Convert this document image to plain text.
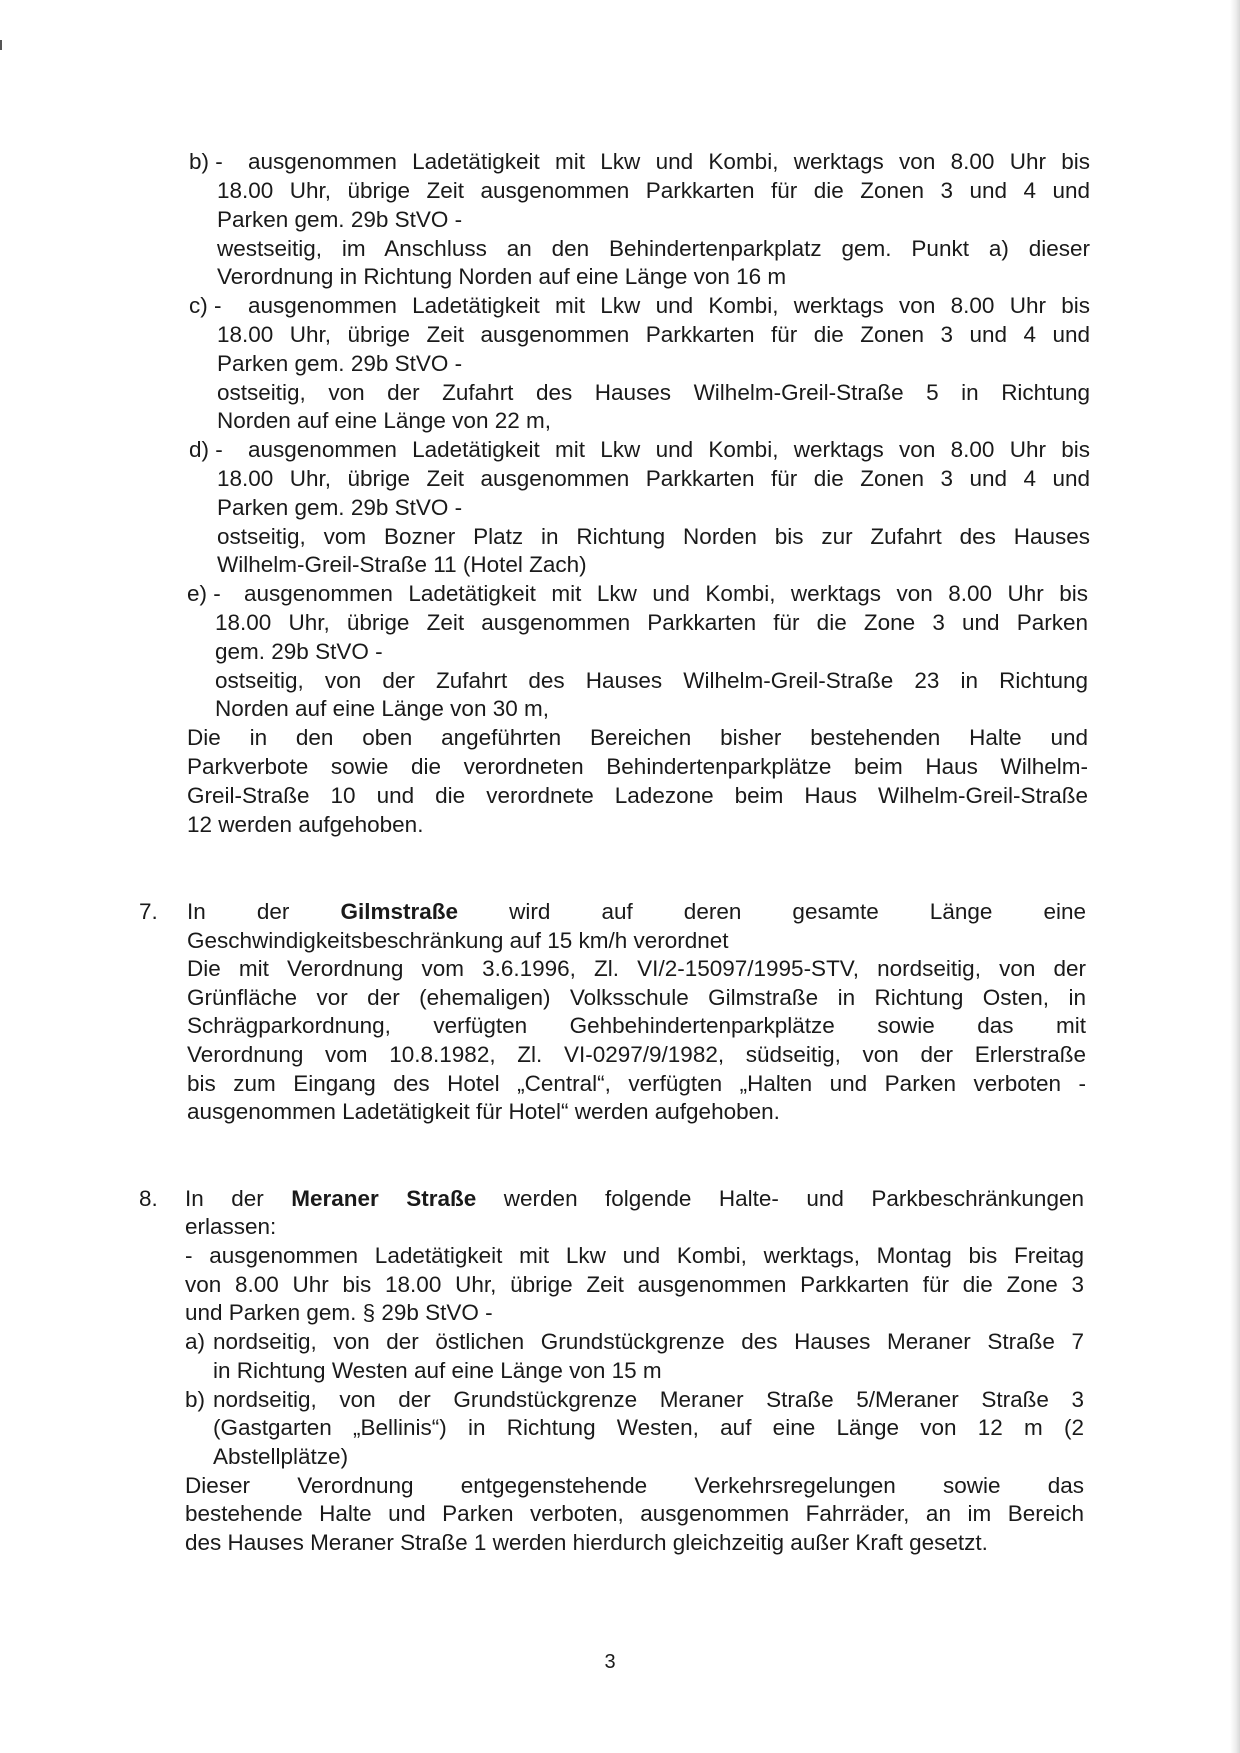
b) - ausgenommen Ladetätigkeit mit Lkw und Kombi, werktags von 8.00 Uhr bis

18.00 Uhr, übrige Zeit ausgenommen Parkkarten für die Zonen 3 und 4 und

Parken gem. 29b StVO -

westseitig, im Anschluss an den Behindertenparkplatz gem. Punkt a) dieser

Verordnung in Richtung Norden auf eine Länge von 16 m

c) - ausgenommen Ladetätigkeit mit Lkw und Kombi, werktags von 8.00 Uhr bis

18.00 Uhr, übrige Zeit ausgenommen Parkkarten für die Zonen 3 und 4 und

Parken gem. 29b StVO -

ostseitig, von der Zufahrt des Hauses Wilhelm-Greil-Straße 5 in Richtung

Norden auf eine Länge von 22 m,

d) - ausgenommen Ladetätigkeit mit Lkw und Kombi, werktags von 8.00 Uhr bis

18.00 Uhr, übrige Zeit ausgenommen Parkkarten für die Zonen 3 und 4 und

Parken gem. 29b StVO -

ostseitig, vom Bozner Platz in Richtung Norden bis zur Zufahrt des Hauses

Wilhelm-Greil-Straße 11 (Hotel Zach)

e) - ausgenommen Ladetätigkeit mit Lkw und Kombi, werktags von 8.00 Uhr bis

18.00 Uhr, übrige Zeit ausgenommen Parkkarten für die Zone 3 und Parken

gem. 29b StVO -

ostseitig, von der Zufahrt des Hauses Wilhelm-Greil-Straße 23 in Richtung

Norden auf eine Länge von 30 m,

Die in den oben angeführten Bereichen bisher bestehenden Halte und

Parkverbote sowie die verordneten Behindertenparkplätze beim Haus Wilhelm-

Greil-Straße 10 und die verordnete Ladezone beim Haus Wilhelm-Greil-Straße

12 werden aufgehoben.

7. In der Gilmstraße wird auf deren gesamte Länge eine

Geschwindigkeitsbeschränkung auf 15 km/h verordnet

Die mit Verordnung vom 3.6.1996, Zl. VI/2-15097/1995-STV, nordseitig, von der

Grünfläche vor der (ehemaligen) Volksschule Gilmstraße in Richtung Osten, in

Schrägparkordnung, verfügten Gehbehindertenparkplätze sowie das mit

Verordnung vom 10.8.1982, Zl. VI-0297/9/1982, südseitig, von der Erlerstraße

bis zum Eingang des Hotel „Central“, verfügten „Halten und Parken verboten -

ausgenommen Ladetätigkeit für Hotel“ werden aufgehoben.

8. In der Meraner Straße werden folgende Halte- und Parkbeschränkungen

erlassen:

- ausgenommen Ladetätigkeit mit Lkw und Kombi, werktags, Montag bis Freitag

von 8.00 Uhr bis 18.00 Uhr, übrige Zeit ausgenommen Parkkarten für die Zone 3

und Parken gem. § 29b StVO -

a) nordseitig, von der östlichen Grundstückgrenze des Hauses Meraner Straße 7

in Richtung Westen auf eine Länge von 15 m

b) nordseitig, von der Grundstückgrenze Meraner Straße 5/Meraner Straße 3

(Gastgarten „Bellinis“) in Richtung Westen, auf eine Länge von 12 m (2

Abstellplätze)

Dieser Verordnung entgegenstehende Verkehrsregelungen sowie das

bestehende Halte und Parken verboten, ausgenommen Fahrräder, an im Bereich

des Hauses Meraner Straße 1 werden hierdurch gleichzeitig außer Kraft gesetzt.

3
